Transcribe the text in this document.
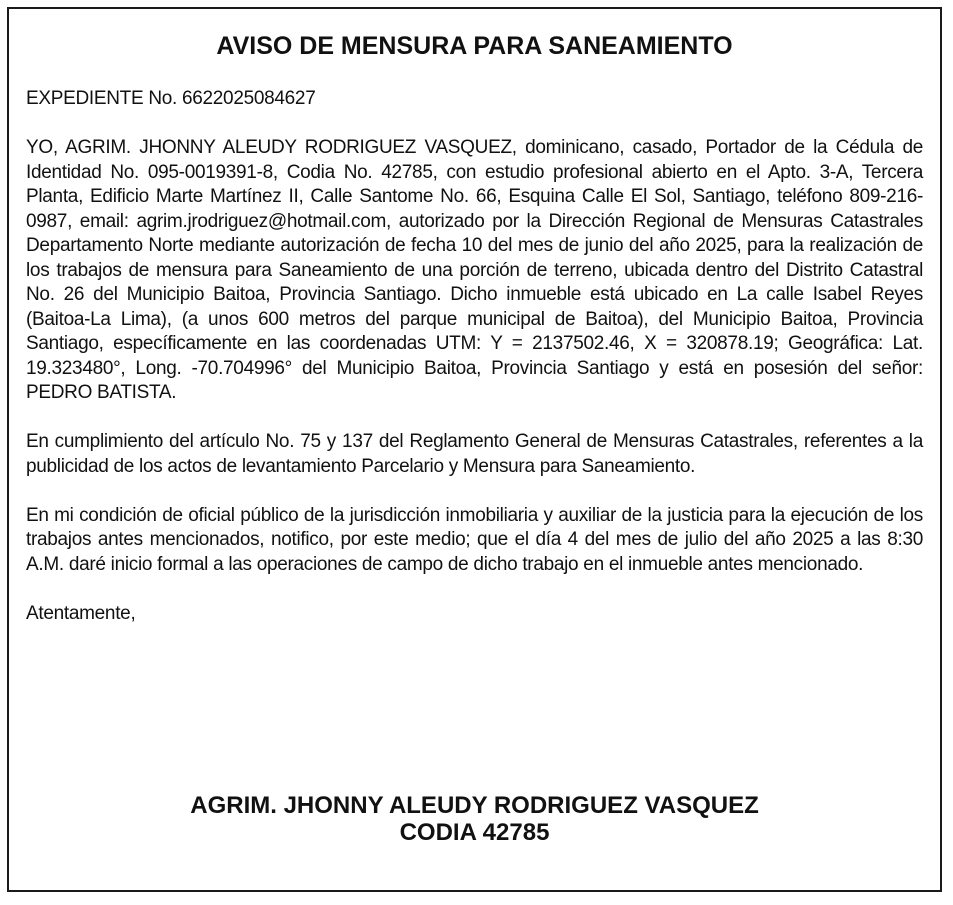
AVISO DE MENSURA PARA SANEAMIENTO

EXPEDIENTE No. 6622025084627

YO, AGRIM. JHONNY ALEUDY RODRIGUEZ VASQUEZ, dominicano, casado, Portador de la Cédula de Identidad No. 095-0019391-8, Codia No. 42785, con estudio profesional abierto en el Apto. 3-A, Tercera Planta, Edificio Marte Martínez II, Calle Santome No. 66, Esquina Calle El Sol, Santiago, teléfono 809-216-0987, email: agrim.jrodriguez@hotmail.com, autorizado por la Dirección Regional de Mensuras Catastrales Departamento Norte mediante autorización de fecha 10 del mes de junio del año 2025, para la realización de los trabajos de mensura para Saneamiento de una porción de terreno, ubicada dentro del Distrito Catastral No. 26 del Municipio Baitoa, Provincia Santiago. Dicho inmueble está ubicado en La calle Isabel Reyes (Baitoa-La Lima), (a unos 600 metros del parque municipal de Baitoa), del Municipio Baitoa, Provincia Santiago, específicamente en las coordenadas UTM: Y = 2137502.46, X = 320878.19; Geográfica: Lat. 19.323480°, Long. -70.704996° del Municipio Baitoa, Provincia Santiago y está en posesión del señor: PEDRO BATISTA.

En cumplimiento del artículo No. 75 y 137 del Reglamento General de Mensuras Catastrales, referentes a la publicidad de los actos de levantamiento Parcelario y Mensura para Saneamiento.

En mi condición de oficial público de la jurisdicción inmobiliaria y auxiliar de la justicia para la ejecución de los trabajos antes mencionados, notifico, por este medio; que el día 4 del mes de julio del año 2025 a las 8:30 A.M. daré inicio formal a las operaciones de campo de dicho trabajo en el inmueble antes mencionado.

Atentamente,

AGRIM. JHONNY ALEUDY RODRIGUEZ VASQUEZ
CODIA 42785
